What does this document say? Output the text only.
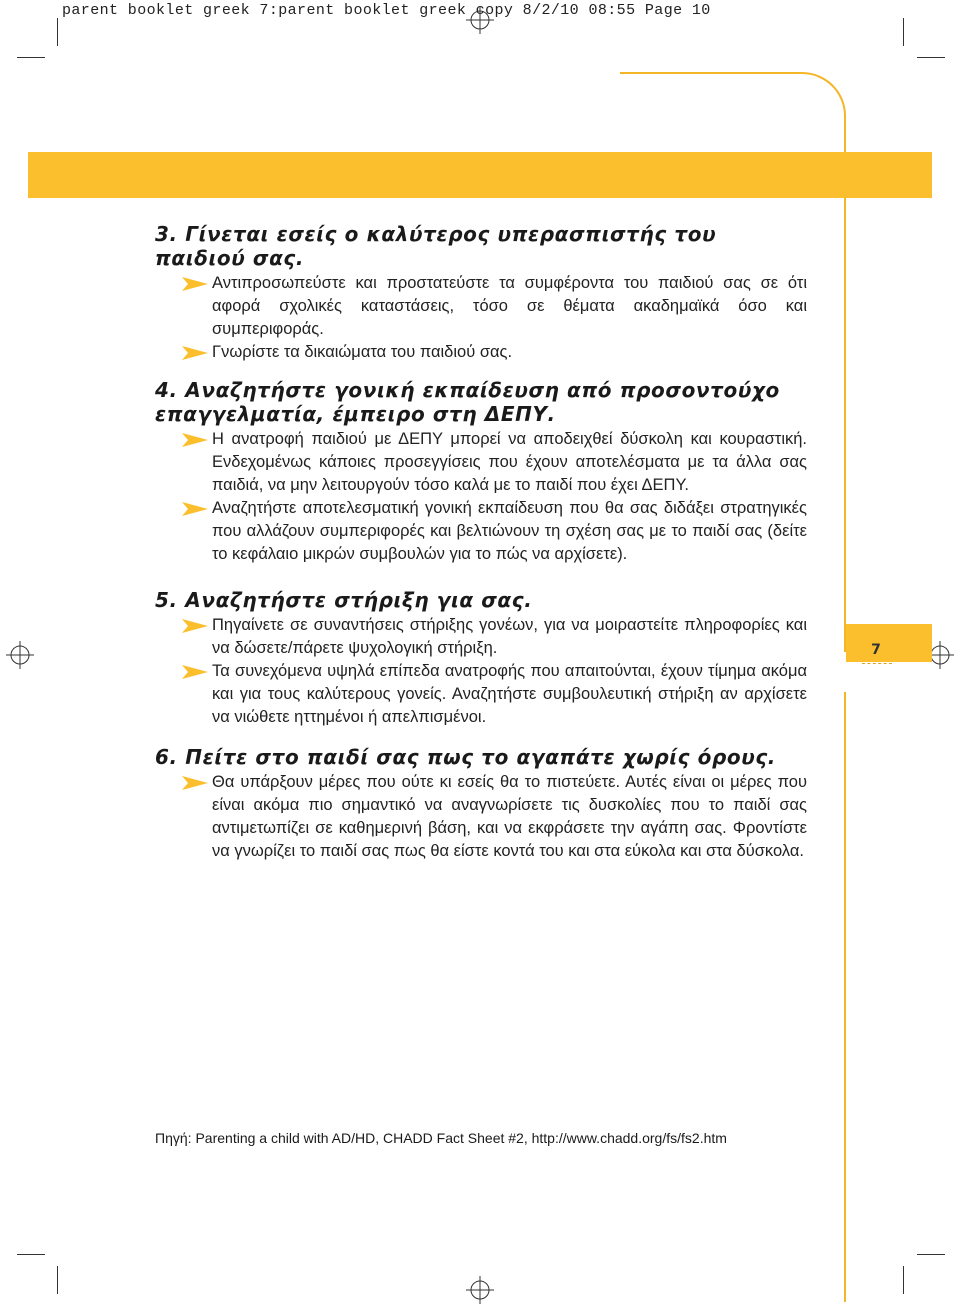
parent booklet greek 7:parent booklet greek copy 8/2/10 08:55 Page 10
7
3. Γίνεται εσείς ο καλύτερος υπερασπιστής του παιδιού σας.

Αντιπροσωπεύστε και προστατεύστε τα συμφέροντα του παιδιού σας σε ότι αφορά σχολικές καταστάσεις, τόσο σε θέματα ακαδημαϊκά όσο και συμπεριφοράς.

Γνωρίστε τα δικαιώματα του παιδιού σας.

4. Αναζητήστε γονική εκπαίδευση από προσοντούχο επαγγελματία, έμπειρο στη ΔΕΠΥ.

Η ανατροφή παιδιού με ΔΕΠΥ μπορεί να αποδειχθεί δύσκολη και κουραστική. Ενδεχομένως κάποιες προσεγγίσεις που έχουν αποτελέσματα με τα άλλα σας παιδιά, να μην λειτουργούν τόσο καλά με το παιδί που έχει ΔΕΠΥ.

Αναζητήστε αποτελεσματική γονική εκπαίδευση που θα σας διδάξει στρατηγικές που αλλάζουν συμπεριφορές και βελτιώνουν τη σχέση σας με το παιδί σας (δείτε το κεφάλαιο μικρών συμβουλών για το πώς να αρχίσετε).

5. Αναζητήστε στήριξη για σας.

Πηγαίνετε σε συναντήσεις στήριξης γονέων, για να μοιραστείτε πληροφορίες και να δώσετε/πάρετε ψυχολογική στήριξη.

Τα συνεχόμενα υψηλά επίπεδα ανατροφής που απαιτούνται, έχουν τίμημα ακόμα και για τους καλύτερους γονείς. Αναζητήστε συμβουλευτική στήριξη αν αρχίσετε να νιώθετε ηττημένοι ή απελπισμένοι.

6. Πείτε στο παιδί σας πως το αγαπάτε χωρίς όρους.

Θα υπάρξουν μέρες που ούτε κι εσείς θα το πιστεύετε. Αυτές είναι οι μέρες που είναι ακόμα πιο σημαντικό να αναγνωρίσετε τις δυσκολίες που το παιδί σας αντιμετωπίζει σε καθημερινή βάση, και να εκφράσετε την αγάπη σας. Φροντίστε να γνωρίζει το παιδί σας πως θα είστε κοντά του και στα εύκολα και στα δύσκολα.

Πηγή: Parenting a child with AD/HD, CHADD Fact Sheet #2, http://www.chadd.org/fs/fs2.htm
